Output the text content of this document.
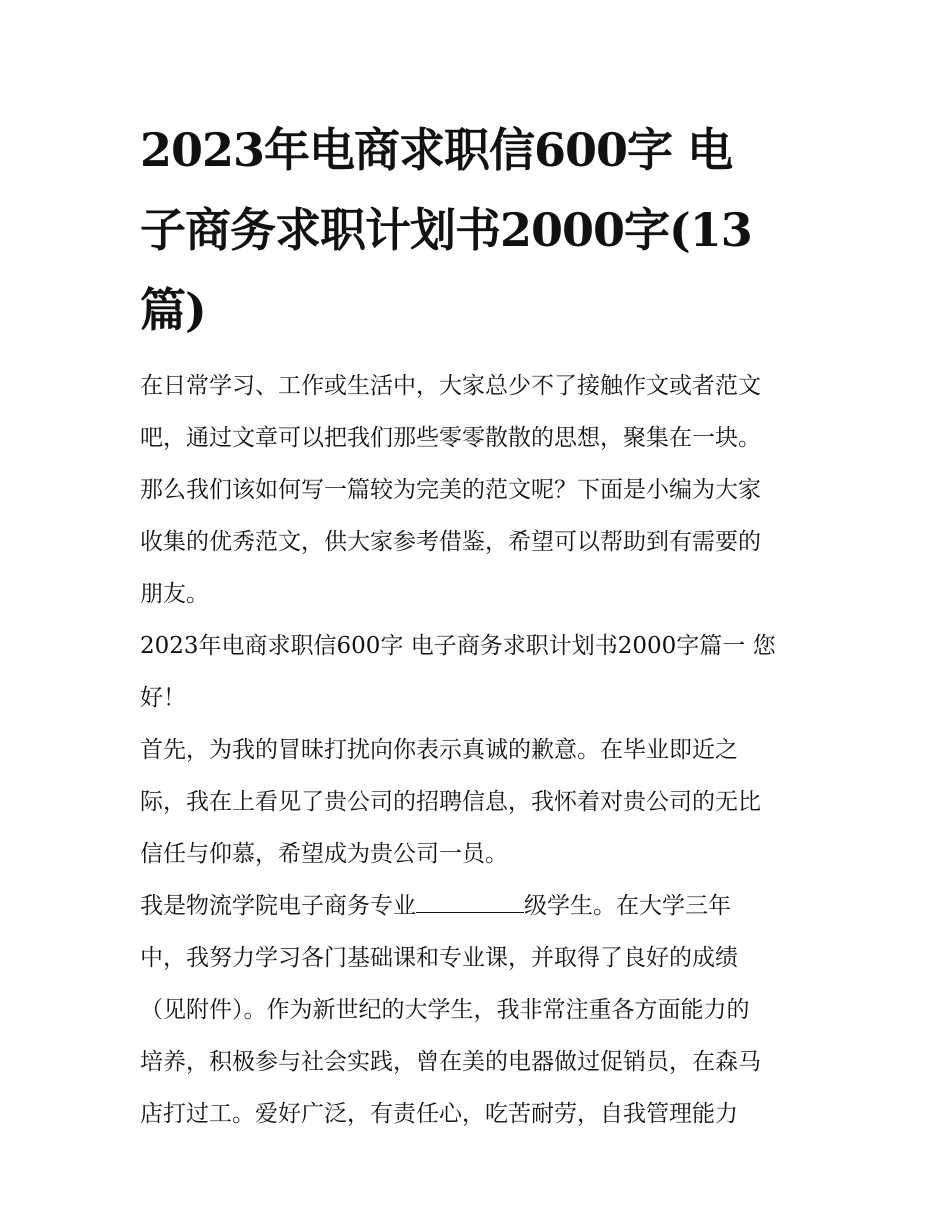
2023年电商求职信600字 电
子商务求职计划书2000字(13
篇)

在日常学习、工作或生活中，大家总少不了接触作文或者范文
吧，通过文章可以把我们那些零零散散的思想，聚集在一块。
那么我们该如何写一篇较为完美的范文呢？下面是小编为大家
收集的优秀范文，供大家参考借鉴，希望可以帮助到有需要的
朋友。

2023年电商求职信600字 电子商务求职计划书2000字篇一 您
好！

首先，为我的冒昧打扰向你表示真诚的歉意。在毕业即近之
际，我在上看见了贵公司的招聘信息，我怀着对贵公司的无比
信任与仰慕，希望成为贵公司一员。

我是物流学院电子商务专业	级学生。在大学三年
中，我努力学习各门基础课和专业课，并取得了良好的成绩
（见附件）。作为新世纪的大学生，我非常注重各方面能力的
培养，积极参与社会实践，曾在美的电器做过促销员，在森马
店打过工。爱好广泛，有责任心，吃苦耐劳，自我管理能力
